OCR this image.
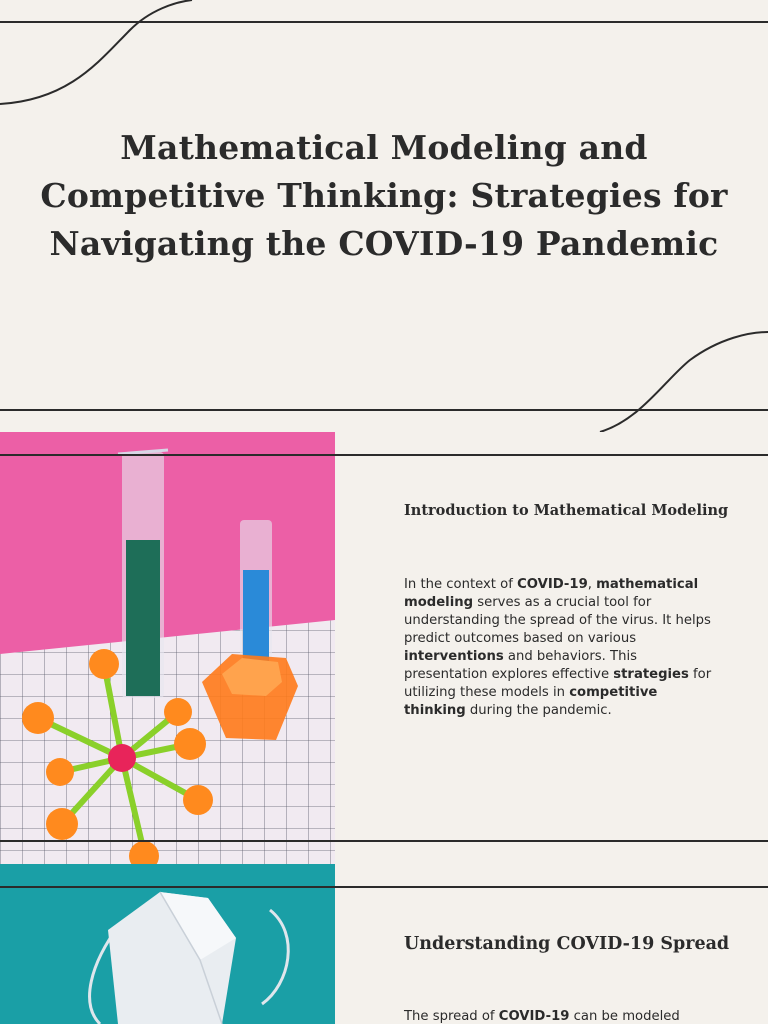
Mathematical Modeling and Competitive Thinking: Strategies for Navigating the COVID-19 Pandemic
Introduction to Mathematical Modeling

In the context of COVID-19, mathematical modeling serves as a crucial tool for understanding the spread of the virus. It helps predict outcomes based on various interventions and behaviors. This presentation explores effective strategies for utilizing these models in competitive thinking during the pandemic.

Understanding COVID-19 Spread

The spread of COVID-19 can be modeled
